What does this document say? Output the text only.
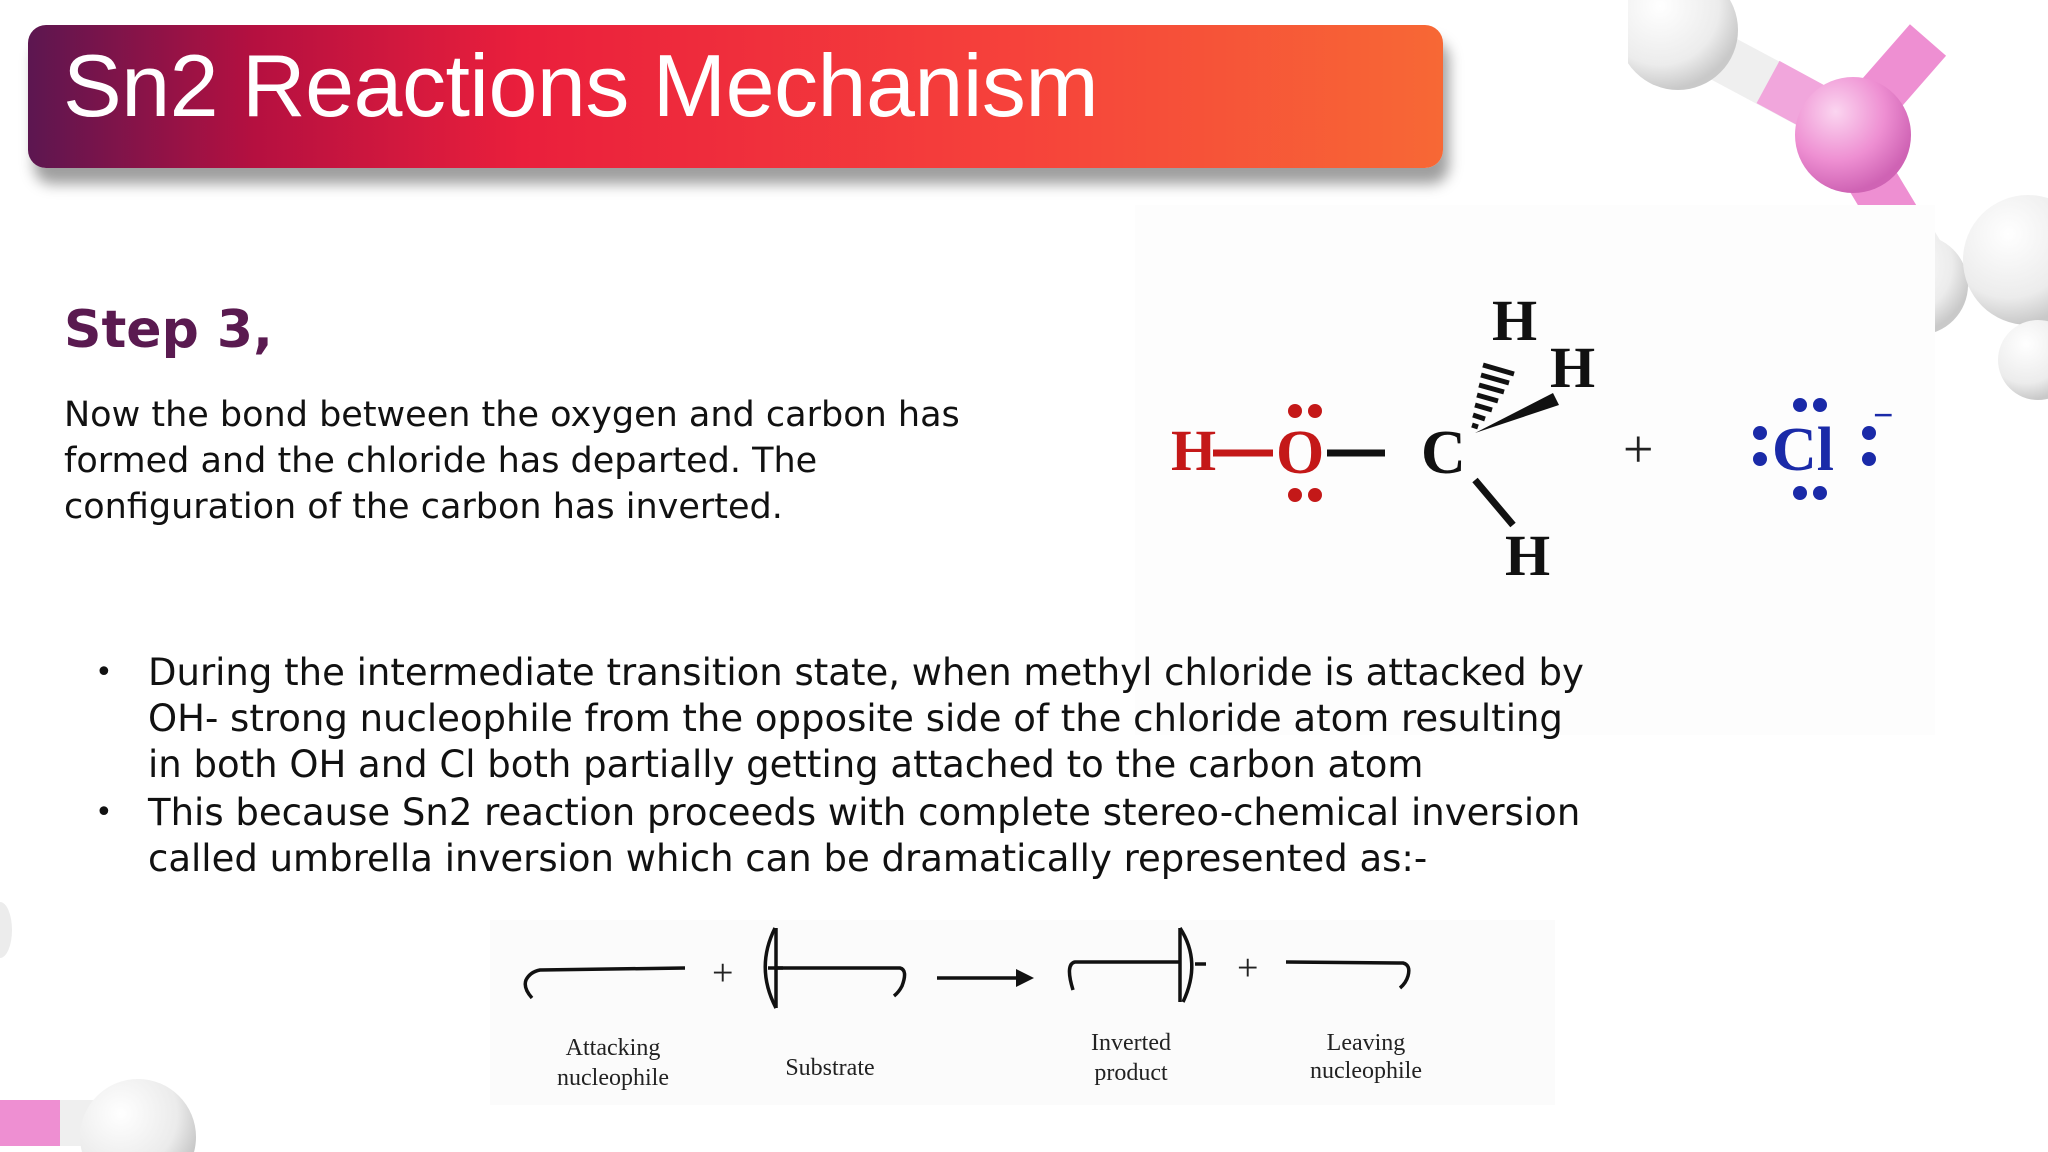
Sn2 Reactions Mechanism
Step 3,
Now the bond between the oxygen and carbon has formed and the chloride has departed. The configuration of the carbon has inverted.
H O C
H
H
H
+ Cl
−
• During the intermediate transition state, when methyl chloride is attacked by OH- strong nucleophile from the opposite side of the chloride atom resulting in both OH and Cl both partially getting attached to the carbon atom
• This because Sn2 reaction proceeds with complete stereo-chemical inversion called umbrella inversion which can be dramatically represented as:-
+	+
Attacking
nucleophile	Substrate
Inverted
product
Leaving
nucleophile
